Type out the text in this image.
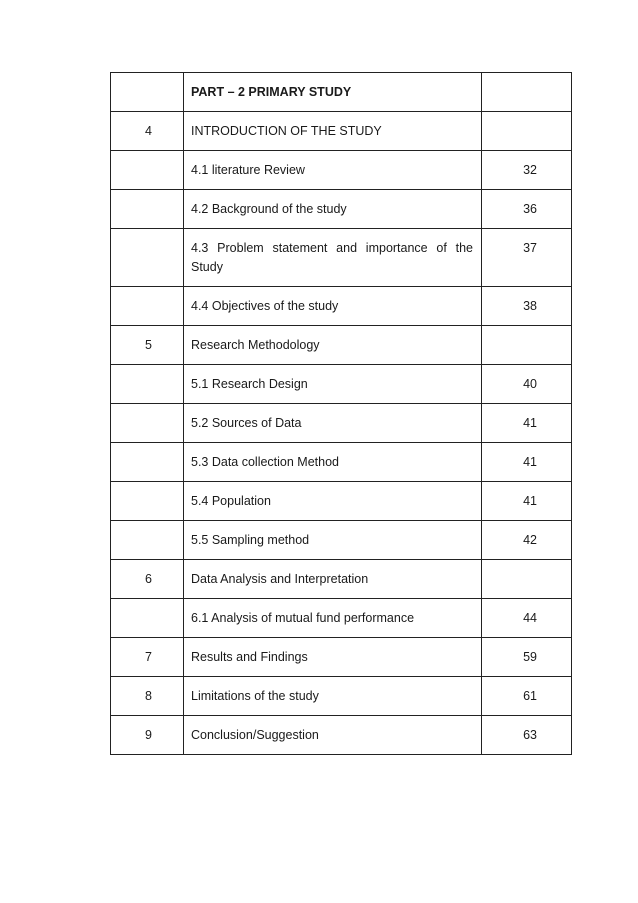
	PART – 2 PRIMARY STUDY	
4	INTRODUCTION OF THE STUDY	
	4.1 literature Review	32
	4.2 Background of the study	36
	4.3 Problem statement and importance of the Study	37
	4.4 Objectives of the study	38
5	Research Methodology	
	5.1 Research Design	40
	5.2 Sources of Data	41
	5.3 Data collection Method	41
	5.4 Population	41
	5.5 Sampling method	42
6	Data Analysis and Interpretation	
	6.1 Analysis of mutual fund performance	44
7	Results and Findings	59
8	Limitations of the study	61
9	Conclusion/Suggestion	63
